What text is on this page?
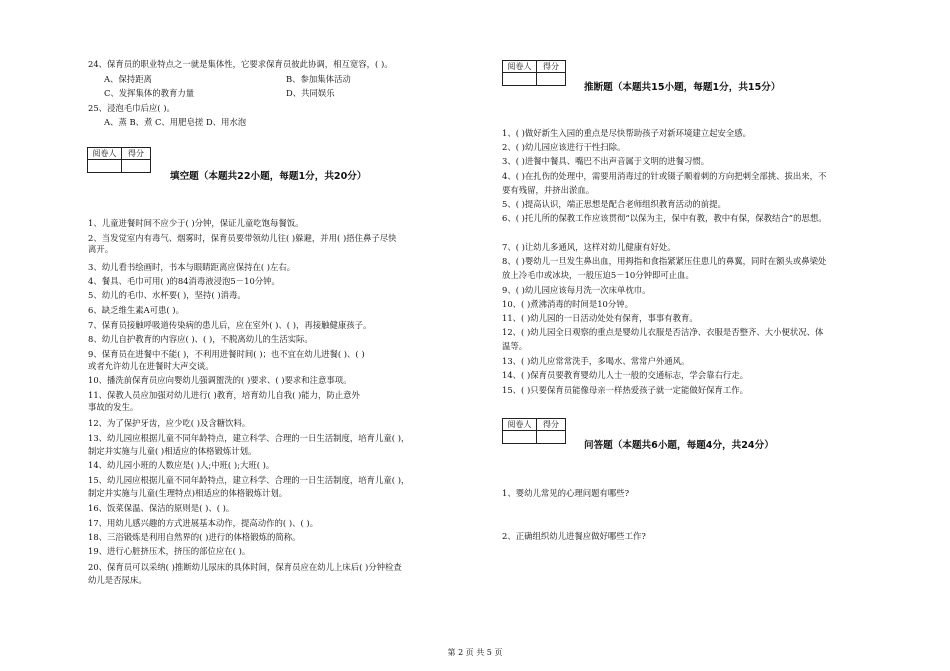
24、保育员的职业特点之一就是集体性，它要求保育员彼此协调，相互宽容，( )。
A、保持距离	B、参加集体活动
C、发挥集体的教育力量	D、共同娱乐
25、浸泡毛巾后应( )。
A、蒸 B、煮 C、用肥皂搓 D、用水泡
阅卷人	得分

填空题（本题共22小题，每题1分，共20分）
1、儿童进餐时间不应少于( )分钟，保证儿童吃饱每餐饭。
2、当发觉室内有毒气、烟雾时，保育员要带领幼儿往( )躲避，并用( )捂住鼻子尽快
离开。
3、幼儿看书绘画时，书本与眼睛距离应保持在( )左右。
4、餐具、毛巾可用( )的84消毒液浸泡5－10分钟。
5、幼儿的毛巾、水杯要( )，坚持( )消毒。
6、缺乏维生素A可患( )。
7、保育员接触呼吸道传染病的患儿后，应在室外( )、( )，再接触健康孩子。
8、幼儿自护教育的内容应( )、( )，不脱离幼儿的生活实际。
9、保育员在进餐中不能( )，不利用进餐时间( )；也不宜在幼儿进餐( )、( )
或者允许幼儿在进餐时大声交谈。
10、播洗前保育员应向婴幼儿强调盥洗的( )要求、( )要求和注意事项。
11、保教人员应加强对幼儿进行( )教育，培育幼儿自我( )能力，防止意外
事故的发生。
12、为了保护牙齿，应少吃( )及含糖饮料。
13、幼儿园应根据儿童不同年龄特点，建立科学、合理的一日生活制度，培育儿童( )，
制定并实施与儿童( )相适应的体格锻炼计划。
14、幼儿园小班的人数应是( )人;中班( );大班( )。
15、幼儿园应根据儿童不同年龄特点，建立科学、合理的一日生活制度，培育儿童( )，
制定并实施与儿童(生理特点)相适应的体格锻炼计划。
16、饭菜保温、保洁的原则是( )、( )。
17、用幼儿感兴趣的方式进展基本动作，提高动作的( )、( )。
18、三浴锻炼是利用自然界的( )进行的体格锻炼的简称。
19、进行心脏挤压术，挤压的部位应在( )。
20、保育员可以采纳( )推断幼儿尿床的具体时间，保育员应在幼儿上床后( )分钟检查
幼儿是否尿床。
阅卷人	得分

推断题（本题共15小题，每题1分，共15分）
1、( )做好新生入园的重点是尽快帮助孩子对新环境建立起安全感。
2、( )幼儿园应该进行干性扫除。
3、( )进餐中餐具、嘴巴不出声音属于文明的进餐习惯。
4、( )在扎伤的处理中，需要用消毒过的针或镊子顺着刺的方向把刺全部挑、拔出来，不
要有残留，并挤出淤血。
5、( )提高认识，端正思想是配合老师组织教育活动的前提。
6、( )托儿所的保教工作应该贯彻“以保为主，保中有教，教中有保，保教结合”的思想。
7、( )让幼儿多通风，这样对幼儿健康有好处。
8、( )婴幼儿一旦发生鼻出血，用拇指和食指紧紧压住患儿的鼻翼，同时在额头或鼻梁处
放上冷毛巾或冰块，一般压迫5－10分钟即可止血。
9、( )幼儿园应该每月洗一次床单枕巾。
10、( )煮沸消毒的时间是10分钟。
11、( )幼儿园的一日活动处处有保育，事事有教育。
12、( )幼儿园全日观察的重点是婴幼儿衣服是否洁净、衣服是否整齐、大小便状况、体
温等。
13、( )幼儿应常常洗手，多喝水、常常户外通风。
14、( )保育员要教育婴幼儿人士一般的交通标志，学会靠右行走。
15、( )只要保育员能像母亲一样热爱孩子就一定能做好保育工作。
阅卷人	得分

问答题（本题共6小题，每题4分，共24分）
1、婴幼儿常见的心理问题有哪些?
2、正确组织幼儿进餐应做好哪些工作?
第 2 页 共 5 页
